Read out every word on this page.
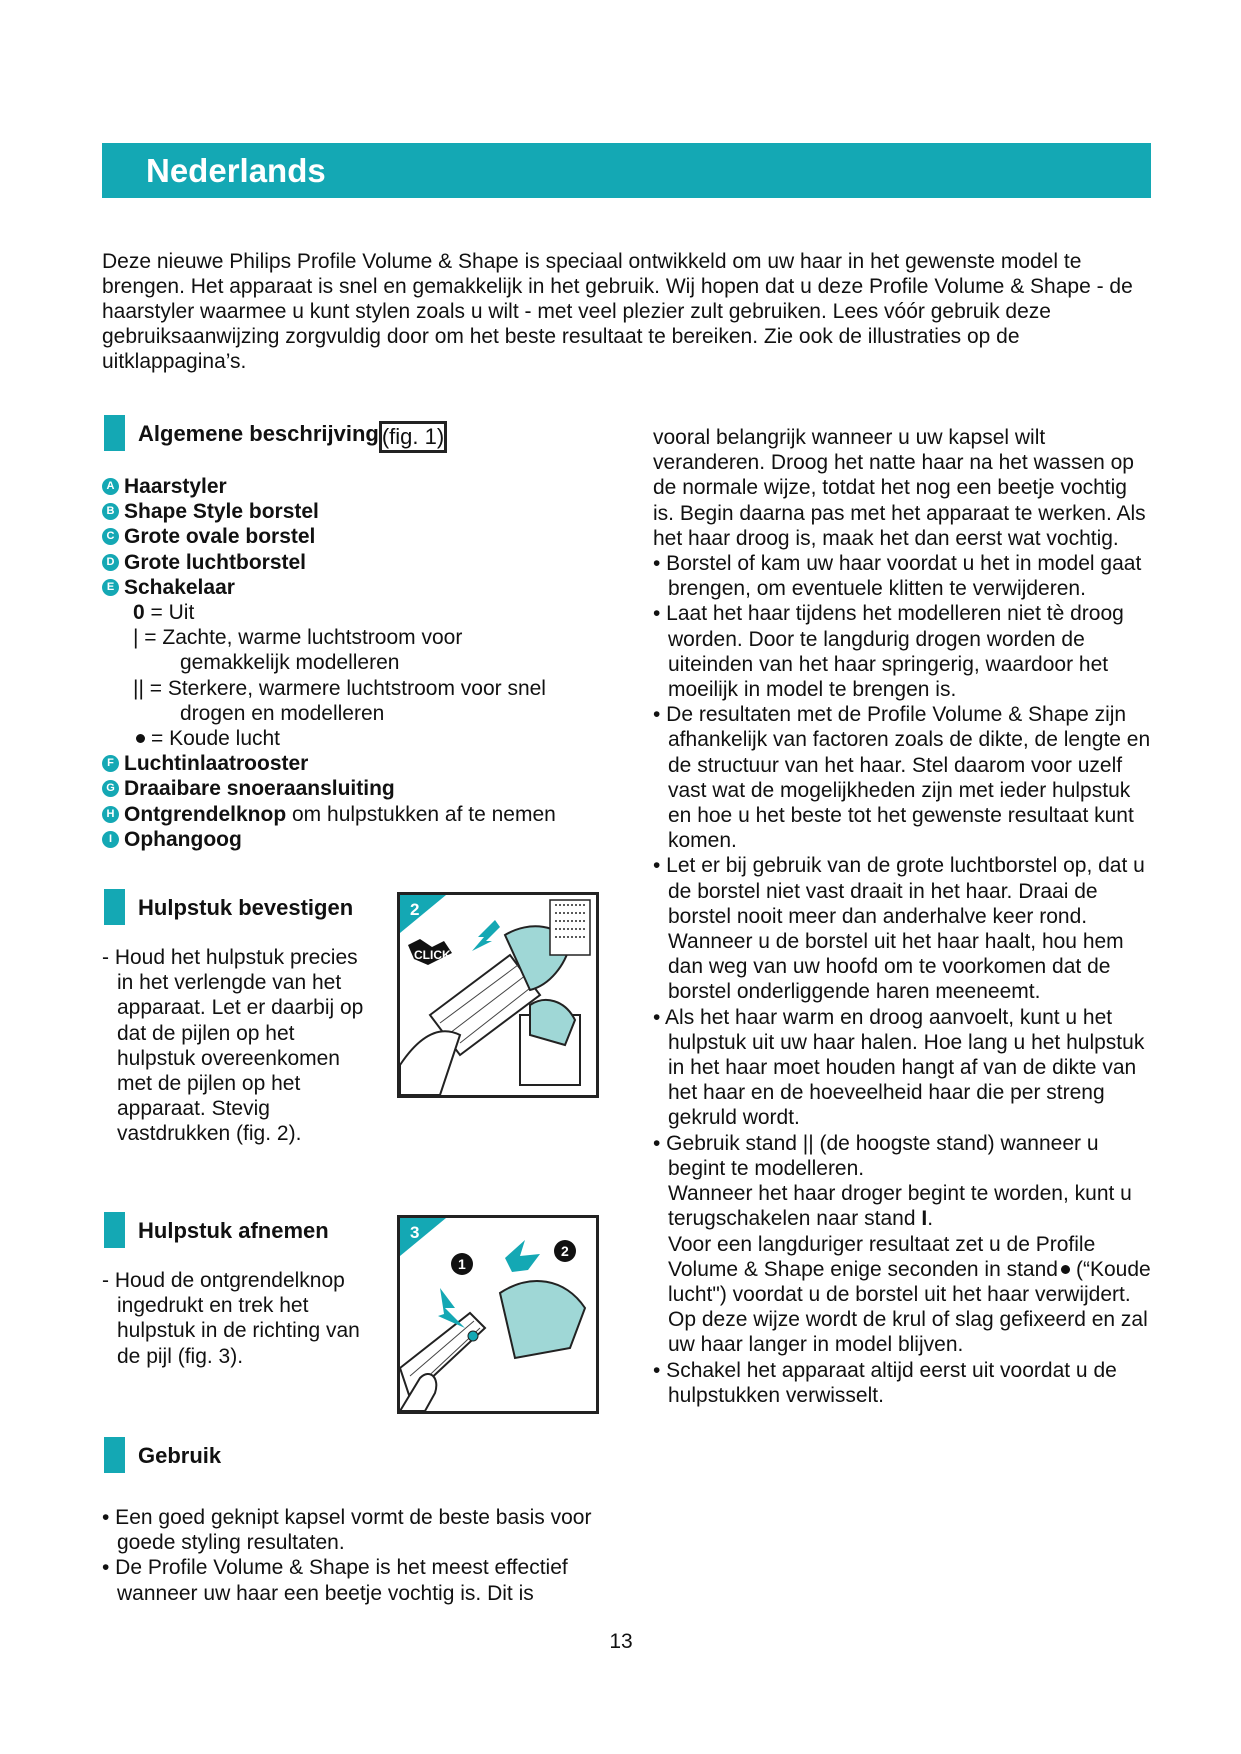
Nederlands

Deze nieuwe Philips Profile Volume & Shape is speciaal ontwikkeld om uw haar in het gewenste model te brengen. Het apparaat is snel en gemakkelijk in het gebruik. Wij hopen dat u deze Profile Volume & Shape - de haarstyler waarmee u kunt stylen zoals u wilt - met veel plezier zult gebruiken. Lees vóór gebruik deze gebruiksaanwijzing zorgvuldig door om het beste resultaat te bereiken. Zie ook de illustraties op de uitklappagina’s.

Algemene beschrijving (fig. 1)
A Haarstyler
B Shape Style borstel
C Grote ovale borstel
D Grote luchtborstel
E Schakelaar
0 = Uit
| = Zachte, warme luchtstroom voor
gemakkelijk modelleren
|| = Sterkere, warmere luchtstroom voor snel
drogen en modelleren
= Koude lucht
F Luchtinlaatrooster
G Draaibare snoeraansluiting
H Ontgrendelknop om hulpstukken af te nemen
I Ophangoog
Hulpstuk bevestigen
- Houd het hulpstuk precies in het verlengde van het apparaat. Let er daarbij op dat de pijlen op het hulpstuk overeenkomen met de pijlen op het apparaat. Stevig vastdrukken (fig. 2).
2
CLICK
Hulpstuk afnemen
- Houd de ontgrendelknop ingedrukt en trek het hulpstuk in de richting van de pijl (fig. 3).
3
1
2
Gebruik
• Een goed geknipt kapsel vormt de beste basis voor goede styling resultaten.
• De Profile Volume & Shape is het meest effectief wanneer uw haar een beetje vochtig is. Dit is
vooral belangrijk wanneer u uw kapsel wilt veranderen. Droog het natte haar na het wassen op de normale wijze, totdat het nog een beetje vochtig is. Begin daarna pas met het apparaat te werken. Als het haar droog is, maak het dan eerst wat vochtig.
• Borstel of kam uw haar voordat u het in model gaat brengen, om eventuele klitten te verwijderen.
• Laat het haar tijdens het modelleren niet tè droog worden. Door te langdurig drogen worden de uiteinden van het haar springerig, waardoor het moeilijk in model te brengen is.
• De resultaten met de Profile Volume & Shape zijn afhankelijk van factoren zoals de dikte, de lengte en de structuur van het haar. Stel daarom voor uzelf vast wat de mogelijkheden zijn met ieder hulpstuk en hoe u het beste tot het gewenste resultaat kunt komen.
• Let er bij gebruik van de grote luchtborstel op, dat u de borstel niet vast draait in het haar. Draai de borstel nooit meer dan anderhalve keer rond. Wanneer u de borstel uit het haar haalt, hou hem dan weg van uw hoofd om te voorkomen dat de borstel onderliggende haren meeneemt.
• Als het haar warm en droog aanvoelt, kunt u het hulpstuk uit uw haar halen. Hoe lang u het hulpstuk in het haar moet houden hangt af van de dikte van het haar en de hoeveelheid haar die per streng gekruld wordt.
• Gebruik stand || (de hoogste stand) wanneer u begint te modelleren.
Wanneer het haar droger begint te worden, kunt u terugschakelen naar stand I.
Voor een langduriger resultaat zet u de Profile Volume & Shape enige seconden in stand (“Koude lucht") voordat u de borstel uit het haar verwijdert. Op deze wijze wordt de krul of slag gefixeerd en zal uw haar langer in model blijven.
• Schakel het apparaat altijd eerst uit voordat u de hulpstukken verwisselt.
13
